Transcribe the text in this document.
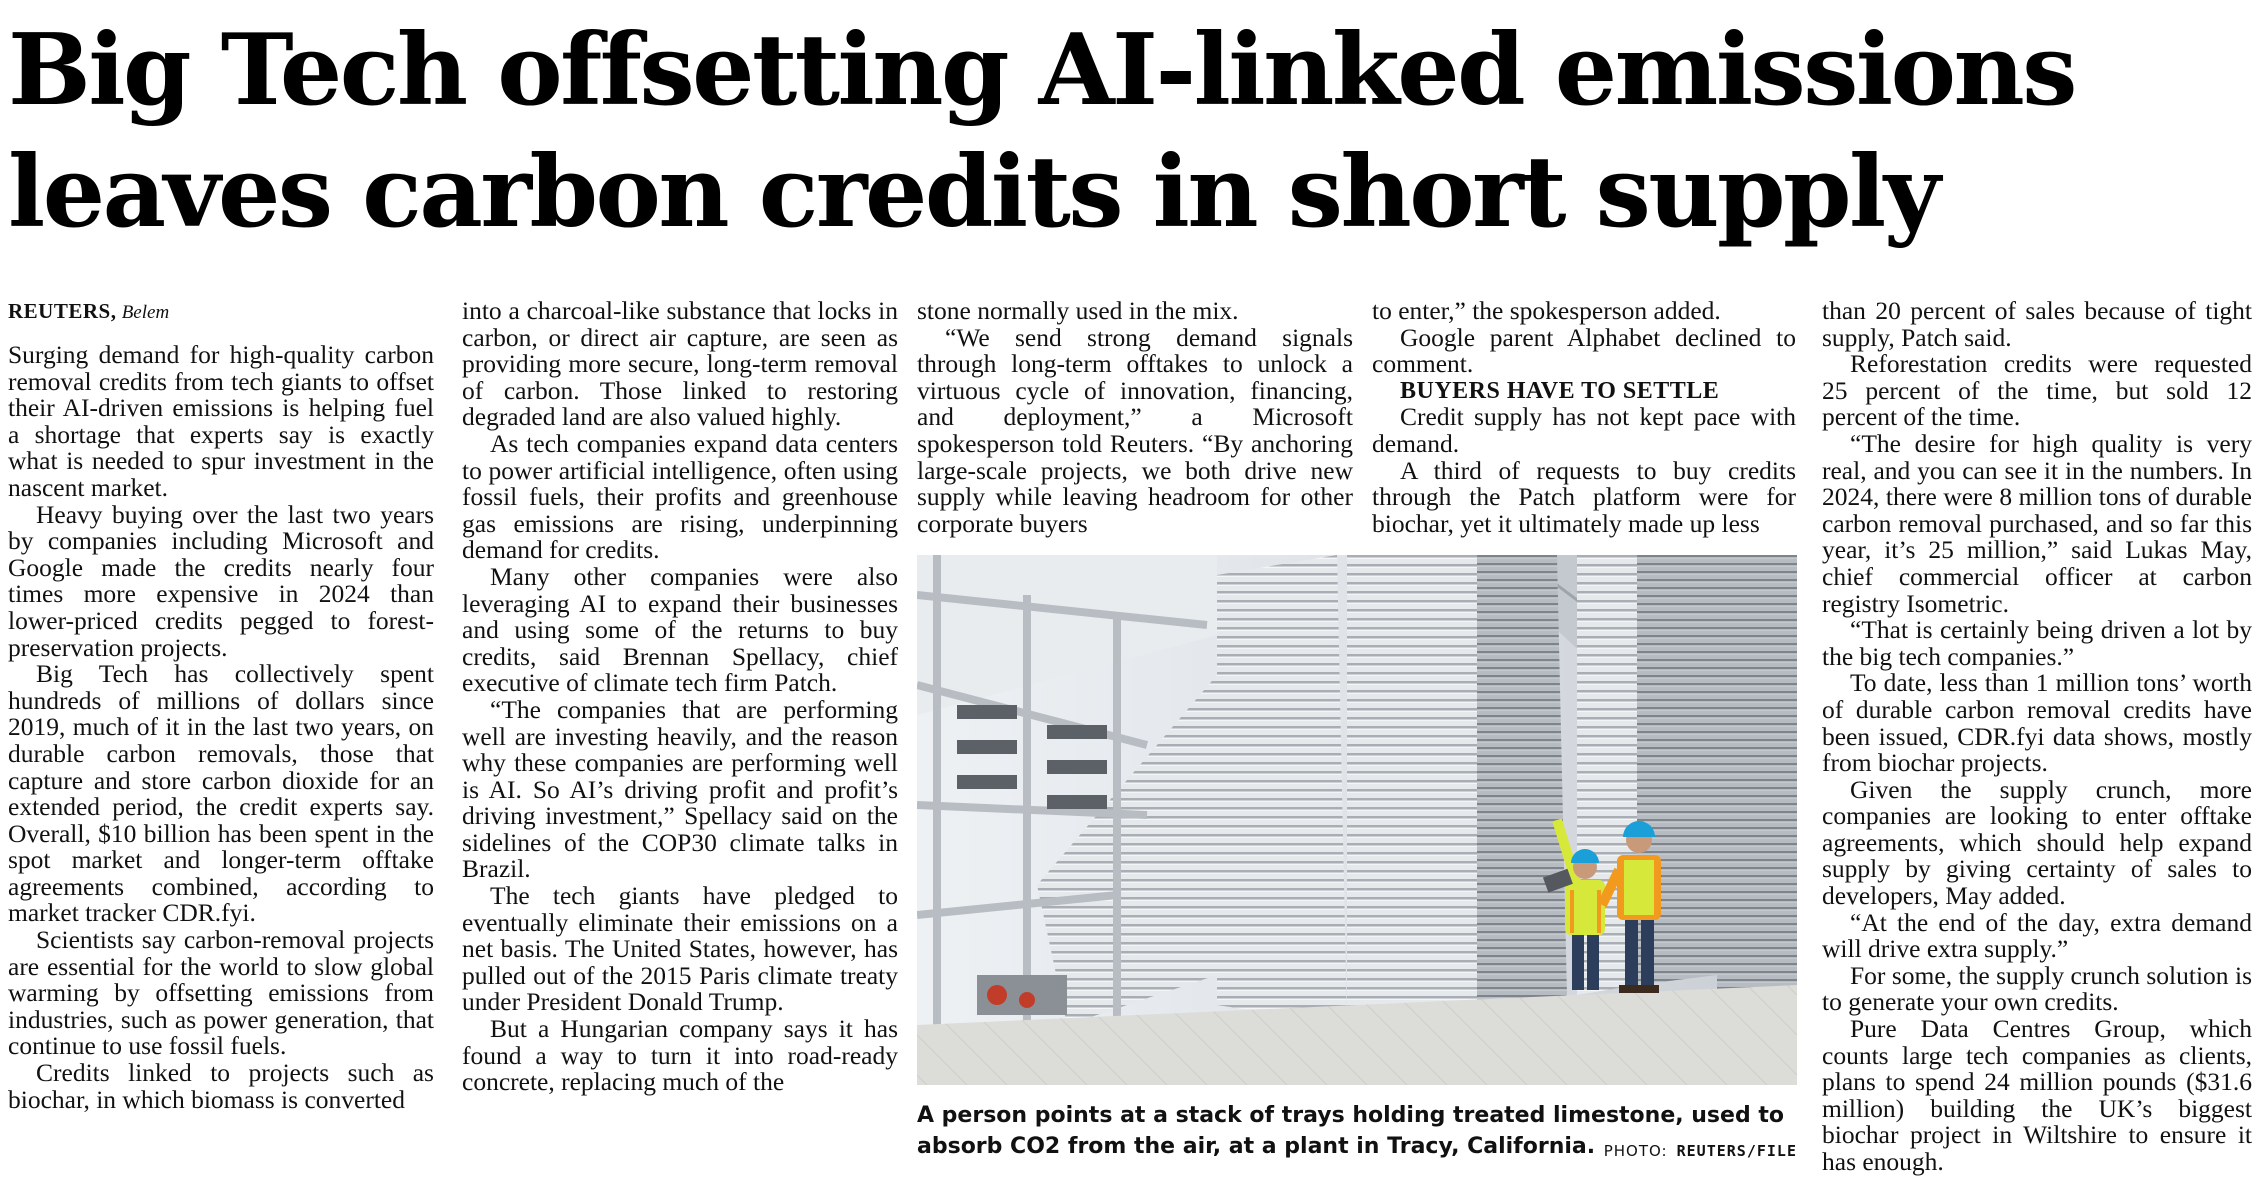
Big Tech offsetting AI-linked emissions
leaves carbon credits in short supply
REUTERS, Belem

Surging demand for high-quality carbon removal credits from tech giants to offset their AI-driven emissions is helping fuel a shortage that experts say is exactly what is needed to spur investment in the nascent market.

Heavy buying over the last two years by companies including Microsoft and Google made the credits nearly four times more expensive in 2024 than lower-priced credits pegged to forest-preservation projects.

Big Tech has collectively spent hundreds of millions of dollars since 2019, much of it in the last two years, on durable carbon removals, those that capture and store carbon dioxide for an extended period, the credit experts say. Overall, $10 billion has been spent in the spot market and longer-term offtake agreements combined, according to market tracker CDR.fyi.

Scientists say carbon-removal projects are essential for the world to slow global warming by offsetting emissions from industries, such as power generation, that continue to use fossil fuels.

Credits linked to projects such as biochar, in which biomass is converted

into a charcoal-like substance that locks in carbon, or direct air capture, are seen as providing more secure, long-term removal of carbon. Those linked to restoring degraded land are also valued highly.

As tech companies expand data centers to power artificial intelligence, often using fossil fuels, their profits and greenhouse gas emissions are rising, underpinning demand for credits.

Many other companies were also leveraging AI to expand their businesses and using some of the returns to buy credits, said Brennan Spellacy, chief executive of climate tech firm Patch.

“The companies that are performing well are investing heavily, and the reason why these companies are performing well is AI. So AI’s driving profit and profit’s driving investment,” Spellacy said on the sidelines of the COP30 climate talks in Brazil.

The tech giants have pledged to eventually eliminate their emissions on a net basis. The United States, however, has pulled out of the 2015 Paris climate treaty under President Donald Trump.

But a Hungarian company says it has found a way to turn it into road-ready concrete, replacing much of the

stone normally used in the mix.

“We send strong demand signals through long-term offtakes to unlock a virtuous cycle of innovation, financing, and deployment,” a Microsoft spokesperson told Reuters. “By anchoring large-scale projects, we both drive new supply while leaving headroom for other corporate buyers

to enter,” the spokesperson added.

Google parent Alphabet declined to comment.

BUYERS HAVE TO SETTLE

Credit supply has not kept pace with demand.

A third of requests to buy credits through the Patch platform were for biochar, yet it ultimately made up less

than 20 percent of sales because of tight supply, Patch said.

Reforestation credits were requested 25 percent of the time, but sold 12 percent of the time.

“The desire for high quality is very real, and you can see it in the numbers. In 2024, there were 8 million tons of durable carbon removal purchased, and so far this year, it’s 25 million,” said Lukas May, chief commercial officer at carbon registry Isometric.

“That is certainly being driven a lot by the big tech companies.”

To date, less than 1 million tons’ worth of durable carbon removal credits have been issued, CDR.fyi data shows, mostly from biochar projects.

Given the supply crunch, more companies are looking to enter offtake agreements, which should help expand supply by giving certainty of sales to developers, May added.

“At the end of the day, extra demand will drive extra supply.”

For some, the supply crunch solution is to generate your own credits.

Pure Data Centres Group, which counts large tech companies as clients, plans to spend 24 million pounds ($31.6 million) building the UK’s biggest biochar project in Wiltshire to ensure it has enough.

A person points at a stack of trays holding treated limestone, used to absorb CO2 from the air, at a plant in Tracy, California. PHOTO: REUTERS/FILE
